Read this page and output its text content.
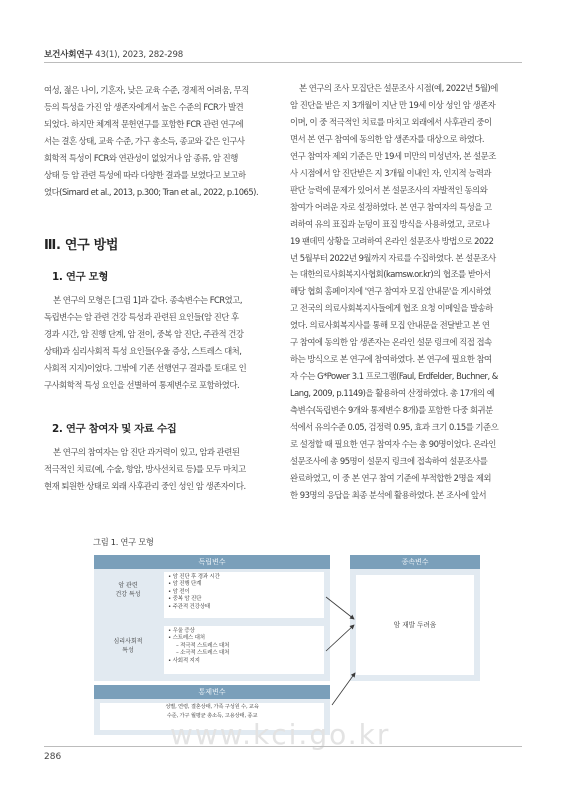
보건사회연구 43(1), 2023, 282-298
여성, 젊은 나이, 기혼자, 낮은 교육 수준, 경제적 어려움, 무직
등의 특성을 가진 암 생존자에게서 높은 수준의 FCR가 발견
되었다. 하지만 체계적 문헌연구를 포함한 FCR 관련 연구에
서는 결혼 상태, 교육 수준, 가구 총소득, 종교와 같은 인구사
회학적 특성이 FCR와 연관성이 없었거나 암 종류, 암 진행
상태 등 암 관련 특성에 따라 다양한 결과를 보였다고 보고하
였다(Simard et al., 2013, p.300; Tran et al., 2022, p.1065).
Ⅲ. 연구 방법
1. 연구 모형
본 연구의 모형은 [그림 1]과 같다. 종속변수는 FCR였고,
독립변수는 암 관련 건강 특성과 관련된 요인들(암 진단 후
경과 시간, 암 진행 단계, 암 전이, 중복 암 진단, 주관적 건강
상태)과 심리사회적 특성 요인들(우울 증상, 스트레스 대처,
사회적 지지)이었다. 그밖에 기존 선행연구 결과를 토대로 인
구사회학적 특성 요인을 선별하여 통제변수로 포함하였다.
2. 연구 참여자 및 자료 수집
본 연구의 참여자는 암 진단 과거력이 있고, 암과 관련된
적극적인 치료(예, 수술, 항암, 방사선치료 등)를 모두 마치고
현재 퇴원한 상태로 외래 사후관리 중인 성인 암 생존자이다.
본 연구의 조사 모집단은 설문조사 시점(예, 2022년 5월)에
암 진단을 받은 지 3개월이 지난 만 19세 이상 성인 암 생존자
이며, 이 중 적극적인 치료를 마치고 외래에서 사후관리 중이
면서 본 연구 참여에 동의한 암 생존자를 대상으로 하였다.
연구 참여자 제외 기준은 만 19세 미만의 미성년자, 본 설문조
사 시점에서 암 진단받은 지 3개월 이내인 자, 인지적 능력과
판단 능력에 문제가 있어서 본 설문조사의 자발적인 동의와
참여가 어려운 자로 설정하였다. 본 연구 참여자의 특성을 고
려하여 유의 표집과 눈덩이 표집 방식을 사용하였고, 코로나
19 팬데믹 상황을 고려하여 온라인 설문조사 방법으로 2022
년 5월부터 2022년 9월까지 자료를 수집하였다. 본 설문조사
는 대한의료사회복지사협회(kamsw.or.kr)의 협조를 받아서
해당 협회 홈페이지에 '연구 참여자 모집 안내문'을 게시하였
고 전국의 의료사회복지사들에게 협조 요청 이메일을 발송하
였다. 의료사회복지사를 통해 모집 안내문을 전달받고 본 연
구 참여에 동의한 암 생존자는 온라인 설문 링크에 직접 접속
하는 방식으로 본 연구에 참여하였다. 본 연구에 필요한 참여
자 수는 G*Power 3.1 프로그램(Faul, Erdfelder, Buchner, &
Lang, 2009, p.1149)을 활용하여 산정하였다. 총 17개의 예
측변수(독립변수 9개와 통제변수 8개)를 포함한 다중 회귀분
석에서 유의수준 0.05, 검정력 0.95, 효과 크기 0.15를 기준으
로 설정할 때 필요한 연구 참여자 수는 총 90명이었다. 온라인
설문조사에 총 95명이 설문지 링크에 접속하여 설문조사를
완료하였고, 이 중 본 연구 참여 기준에 부적합한 2명을 제외
한 93명의 응답을 최종 분석에 활용하였다. 본 조사에 앞서
그림 1. 연구 모형
독립변수
암 관련
건강 특성
• 암 진단 후 경과 시간
• 암 진행 단계
• 암 전이
• 중복 암 진단
• 주관적 건강상태
심리사회적
특성
• 우울 증상
• 스트레스 대처
– 적극적 스트레스 대처
– 소극적 스트레스 대처
• 사회적 지지
종속변수
암 재발 두려움
통제변수
성별, 연령, 결혼상태, 가족 구성원 수, 교육
수준, 가구 월평균 총소득, 고용상태, 종교
www.kci.go.kr
286
